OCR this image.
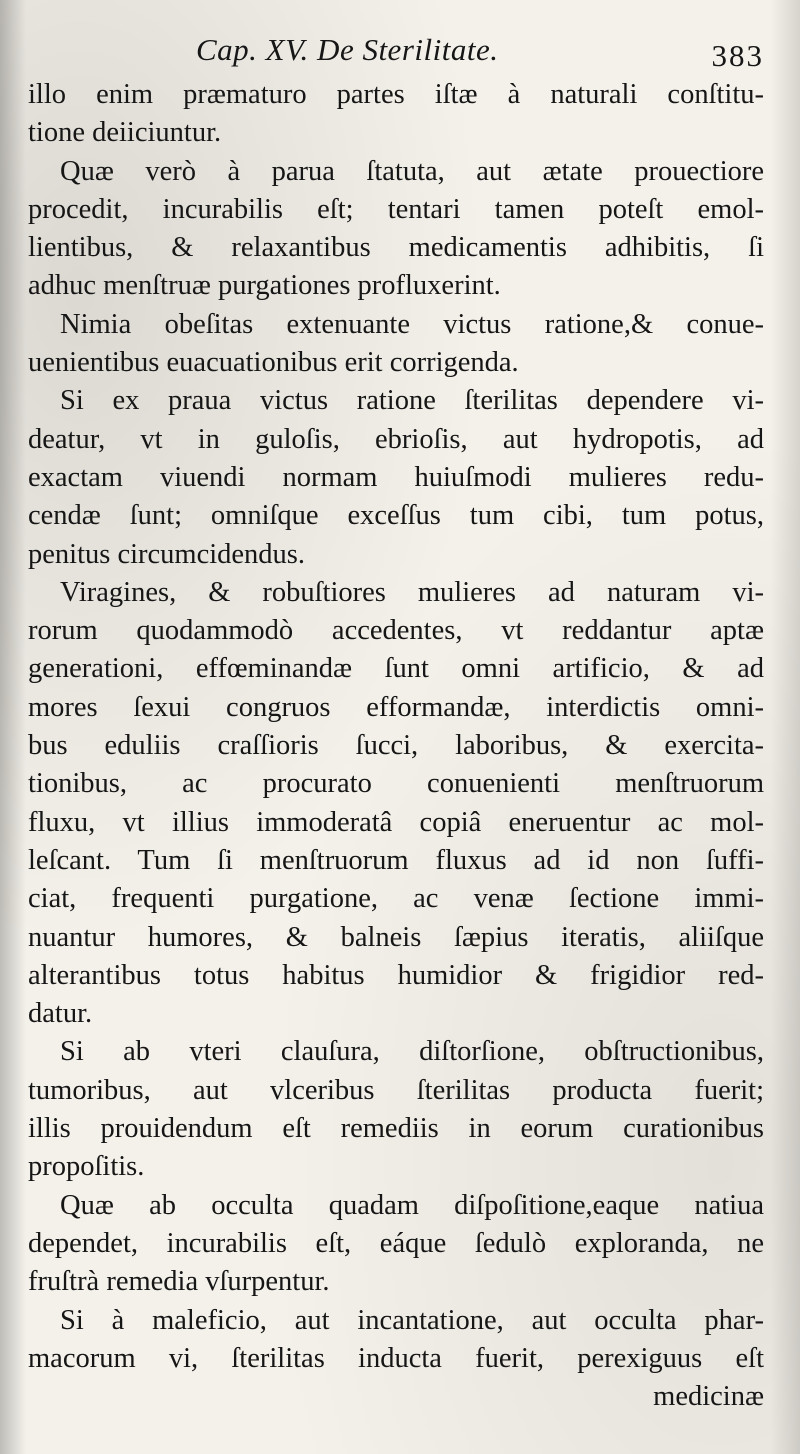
Cap. XV. De Sterilitate.	383
illo enim præmaturo partes iſtæ à naturali conſtitu-
tione deiiciuntur.
Quæ verò à parua ſtatuta, aut ætate prouectiore
procedit, incurabilis eſt; tentari tamen poteſt emol-
lientibus, & relaxantibus medicamentis adhibitis, ſi
adhuc menſtruæ purgationes profluxerint.
Nimia obeſitas extenuante victus ratione,& conue-
uenientibus euacuationibus erit corrigenda.
Si ex praua victus ratione ſterilitas dependere vi-
deatur, vt in guloſis, ebrioſis, aut hydropotis, ad
exactam viuendi normam huiuſmodi mulieres redu-
cendæ ſunt; omniſque exceſſus tum cibi, tum potus,
penitus circumcidendus.
Viragines, & robuſtiores mulieres ad naturam vi-
rorum quodammodò accedentes, vt reddantur aptæ
generationi, effœminandæ ſunt omni artificio, & ad
mores ſexui congruos efformandæ, interdictis omni-
bus eduliis craſſioris ſucci, laboribus, & exercita-
tionibus, ac procurato conuenienti menſtruorum
fluxu, vt illius immoderatâ copiâ eneruentur ac mol-
leſcant. Tum ſi menſtruorum fluxus ad id non ſuffi-
ciat, frequenti purgatione, ac venæ ſectione immi-
nuantur humores, & balneis ſæpius iteratis, aliiſque
alterantibus totus habitus humidior & frigidior red-
datur.
Si ab vteri clauſura, diſtorſione, obſtructionibus,
tumoribus, aut vlceribus ſterilitas producta fuerit;
illis prouidendum eſt remediis in eorum curationibus
propoſitis.
Quæ ab occulta quadam diſpoſitione,eaque natiua
dependet, incurabilis eſt, eáque ſedulò exploranda, ne
fruſtrà remedia vſurpentur.
Si à maleficio, aut incantatione, aut occulta phar-
macorum vi, ſterilitas inducta fuerit, perexiguus eſt
medicinæ
